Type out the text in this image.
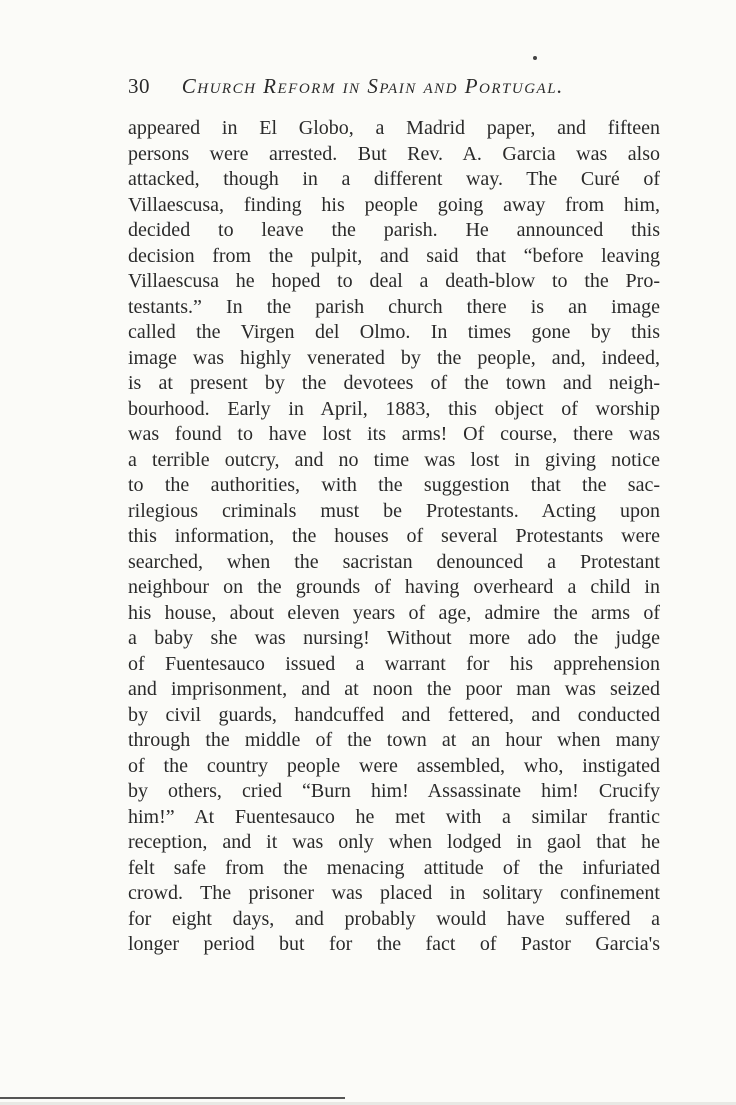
30 Church Reform in Spain and Portugal.
appeared in El Globo, a Madrid paper, and fifteen
persons were arrested. But Rev. A. Garcia was also
attacked, though in a different way. The Curé of
Villaescusa, finding his people going away from him,
decided to leave the parish. He announced this
decision from the pulpit, and said that “before leaving
Villaescusa he hoped to deal a death-blow to the Pro-
testants.” In the parish church there is an image
called the Virgen del Olmo. In times gone by this
image was highly venerated by the people, and, indeed,
is at present by the devotees of the town and neigh-
bourhood. Early in April, 1883, this object of worship
was found to have lost its arms! Of course, there was
a terrible outcry, and no time was lost in giving notice
to the authorities, with the suggestion that the sac-
rilegious criminals must be Protestants. Acting upon
this information, the houses of several Protestants were
searched, when the sacristan denounced a Protestant
neighbour on the grounds of having overheard a child in
his house, about eleven years of age, admire the arms of
a baby she was nursing! Without more ado the judge
of Fuentesauco issued a warrant for his apprehension
and imprisonment, and at noon the poor man was seized
by civil guards, handcuffed and fettered, and conducted
through the middle of the town at an hour when many
of the country people were assembled, who, instigated
by others, cried “Burn him! Assassinate him! Crucify
him!” At Fuentesauco he met with a similar frantic
reception, and it was only when lodged in gaol that he
felt safe from the menacing attitude of the infuriated
crowd. The prisoner was placed in solitary confinement
for eight days, and probably would have suffered a
longer period but for the fact of Pastor Garcia's
